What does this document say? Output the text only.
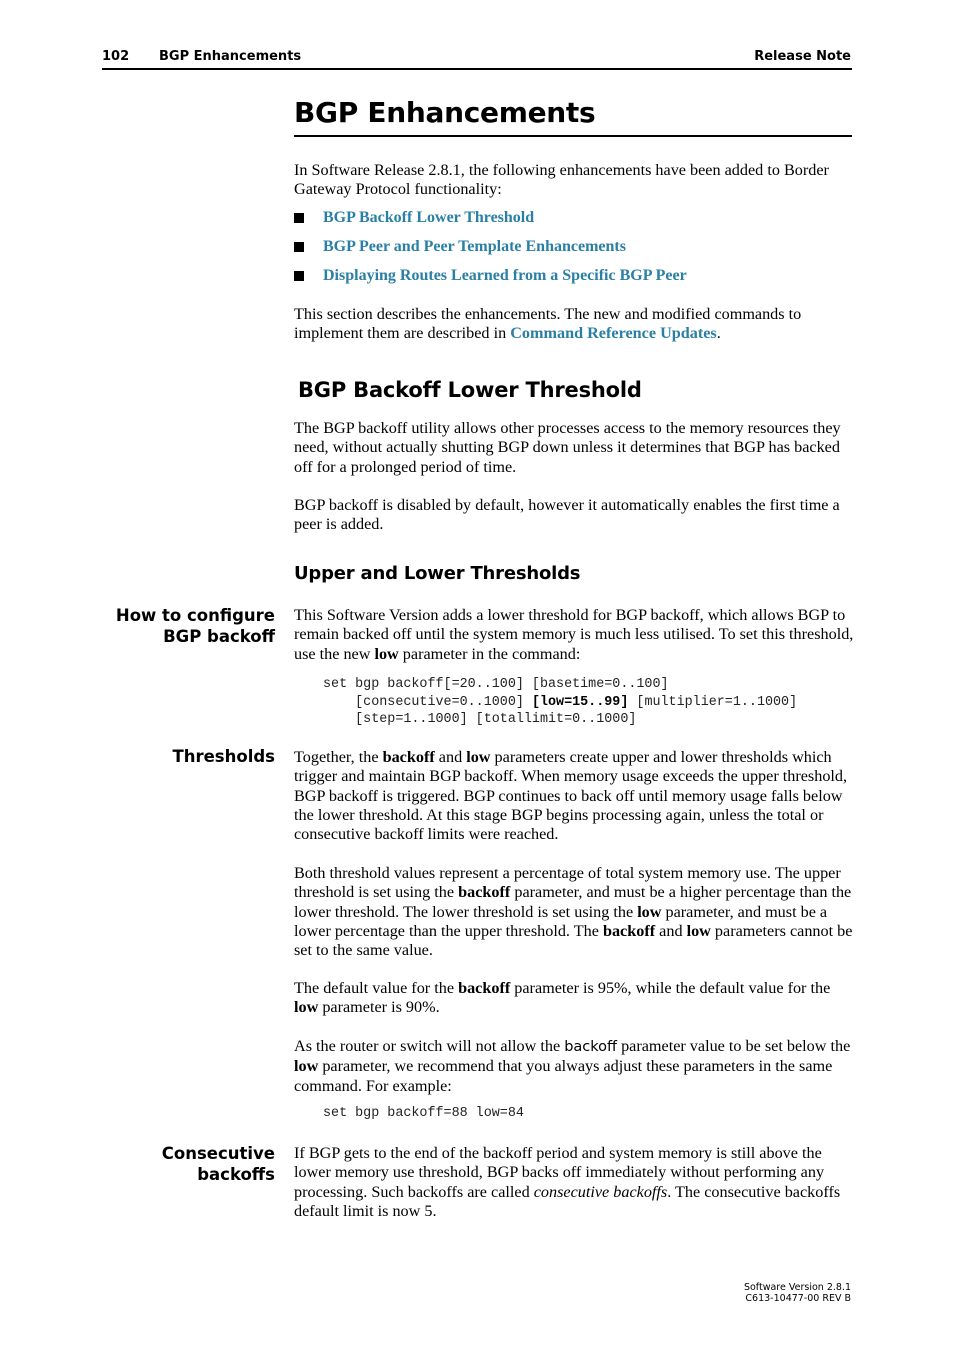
102 BGP Enhancements	Release Note
BGP Enhancements

In Software Release 2.8.1, the following enhancements have been added to Border Gateway Protocol functionality:

BGP Backoff Lower Threshold
BGP Peer and Peer Template Enhancements
Displaying Routes Learned from a Specific BGP Peer

This section describes the enhancements. The new and modified commands to implement them are described in Command Reference Updates.

BGP Backoff Lower Threshold

The BGP backoff utility allows other processes access to the memory resources they need, without actually shutting BGP down unless it determines that BGP has backed off for a prolonged period of time.

BGP backoff is disabled by default, however it automatically enables the first time a peer is added.

Upper and Lower Thresholds
How to configure
BGP backoff

This Software Version adds a lower threshold for BGP backoff, which allows BGP to remain backed off until the system memory is much less utilised. To set this threshold, use the new low parameter in the command:

set bgp backoff[=20..100] [basetime=0..100]
[consecutive=0..1000] [low=15..99] [multiplier=1..1000]
[step=1..1000] [totallimit=0..1000]
Thresholds Together, the backoff and low parameters create upper and lower thresholds which trigger and maintain BGP backoff. When memory usage exceeds the upper threshold, BGP backoff is triggered. BGP continues to back off until memory usage falls below the lower threshold. At this stage BGP begins processing again, unless the total or consecutive backoff limits were reached.

Both threshold values represent a percentage of total system memory use. The upper threshold is set using the backoff parameter, and must be a higher percentage than the lower threshold. The lower threshold is set using the low parameter, and must be a lower percentage than the upper threshold. The backoff and low parameters cannot be set to the same value.

The default value for the backoff parameter is 95%, while the default value for the low parameter is 90%.

As the router or switch will not allow the backoff parameter value to be set below the low parameter, we recommend that you always adjust these parameters in the same command. For example:

set bgp backoff=88 low=84
Consecutive
backoffs

If BGP gets to the end of the backoff period and system memory is still above the lower memory use threshold, BGP backs off immediately without performing any processing. Such backoffs are called consecutive backoffs. The consecutive backoffs default limit is now 5.

Software Version 2.8.1
C613-10477-00 REV B
